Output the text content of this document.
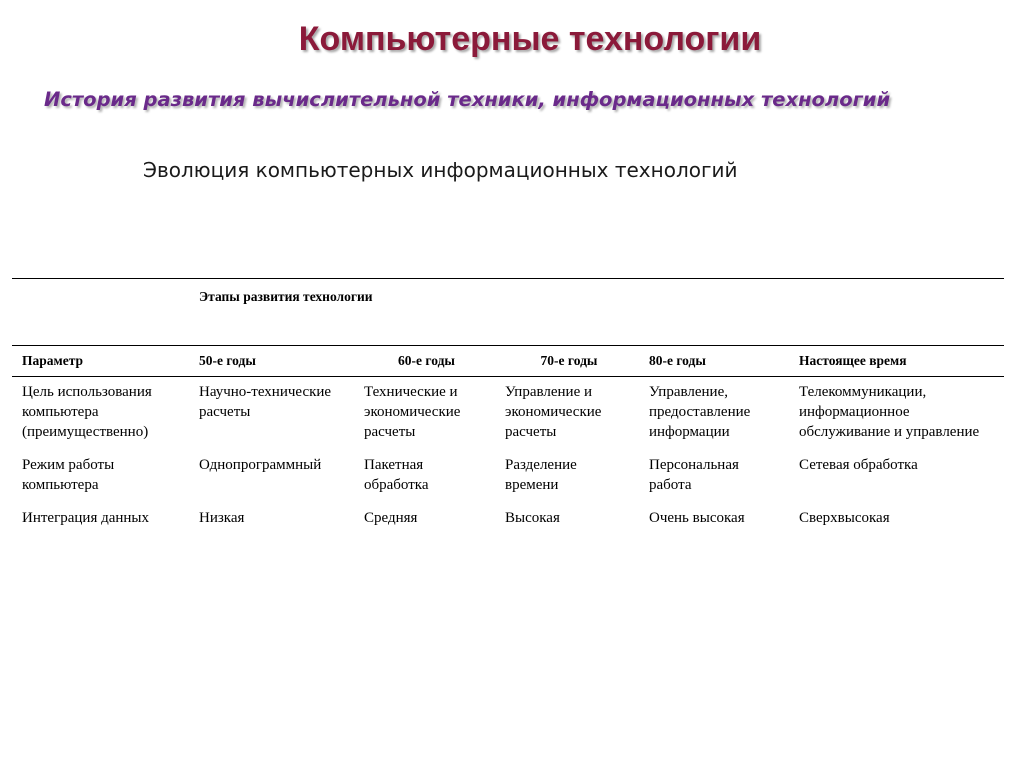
Компьютерные технологии
История развития вычислительной техники, информационных технологий
Эволюция компьютерных информационных технологий
	Этапы развития технологии				
Параметр	50-е годы	60-е годы	70-е годы	80-е годы	Настоящее время
Цель использования компьютера (преимущественно)	Научно-технические расчеты	Технические и экономические расчеты	Управление и экономические расчеты	Управление, предоставление информации	Телекоммуникации, информационное обслуживание и управление
Режим работы компьютера	Однопрограммный	Пакетная обработка	Разделение времени	Персональная работа	Сетевая обработка
Интеграция данных	Низкая	Средняя	Высокая	Очень высокая	Сверхвысокая
